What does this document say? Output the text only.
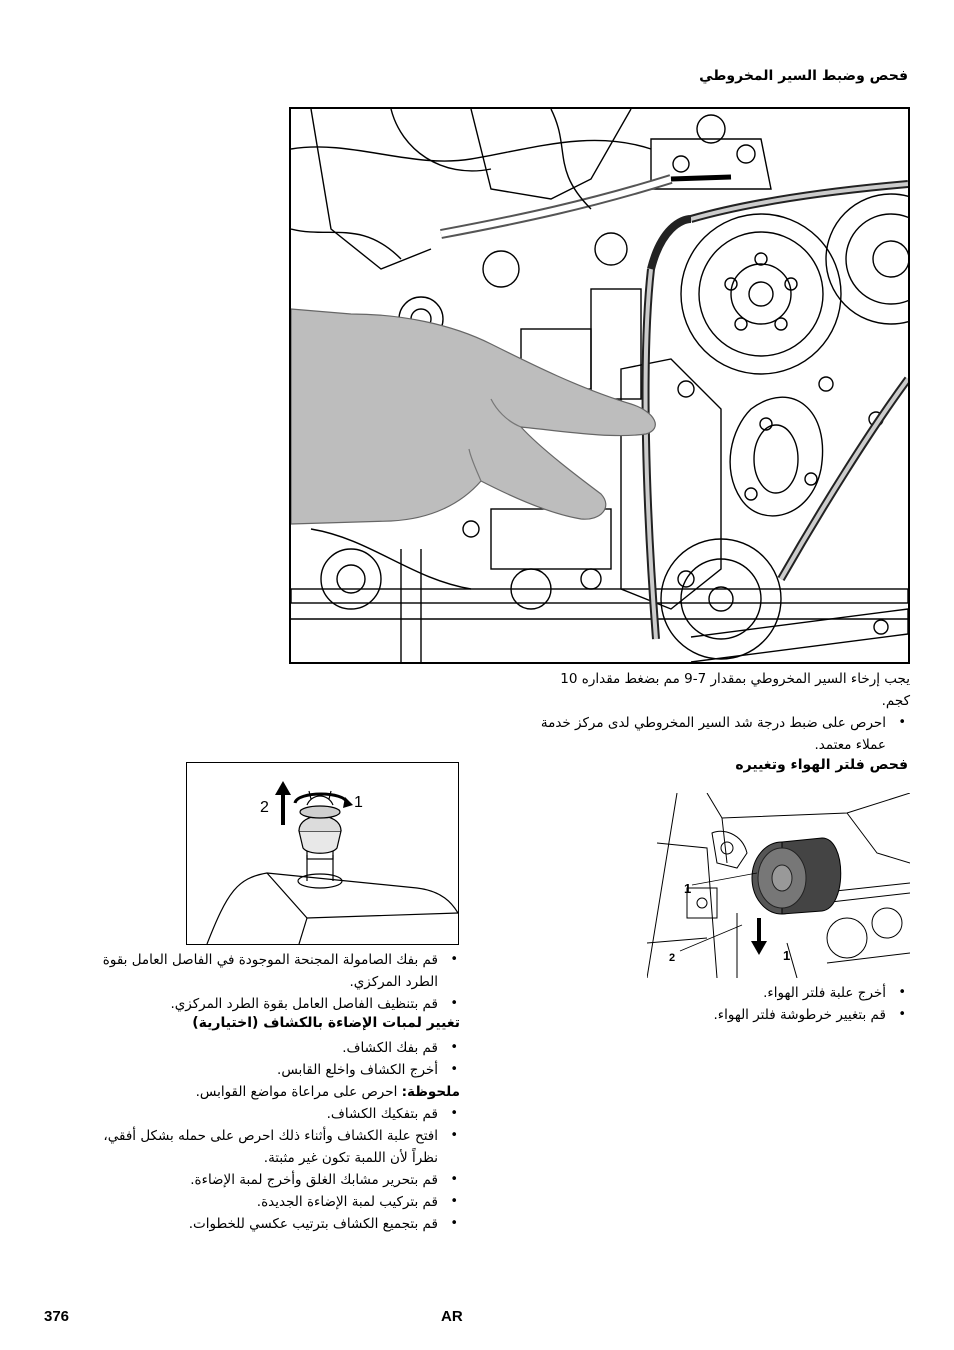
فحص وضبط السير المخروطي
يجب إرخاء السير المخروطي بمقدار 7-9 مم بضغط مقداره 10
كجم.
• احرص على ضبط درجة شد السير المخروطي لدى مركز خدمة
عملاء معتمد.
فحص فلتر الهواء وتغييره
1
1
2
• أخرج علبة فلتر الهواء.
• قم بتغيير خرطوشة فلتر الهواء.
2	1
• قم بفك الصامولة المجنحة الموجودة في الفاصل العامل بقوة
الطرد المركزي.
• قم بتنظيف الفاصل العامل بقوة الطرد المركزي.
تغيير لمبات الإضاءة بالكشاف (اختيارية)
• قم بفك الكشاف.
• أخرج الكشاف واخلع القابس.
ملحوظة: احرص على مراعاة مواضع القوابس.
• قم بتفكيك الكشاف.
• افتح علبة الكشاف وأثناء ذلك احرص على حمله بشكل أفقي،
نظراً لأن اللمبة تكون غير مثبتة.
• قم بتحرير مشابك الغلق وأخرج لمبة الإضاءة.
• قم بتركيب لمبة الإضاءة الجديدة.
• قم بتجميع الكشاف بترتيب عكسي للخطوات.
376	AR
